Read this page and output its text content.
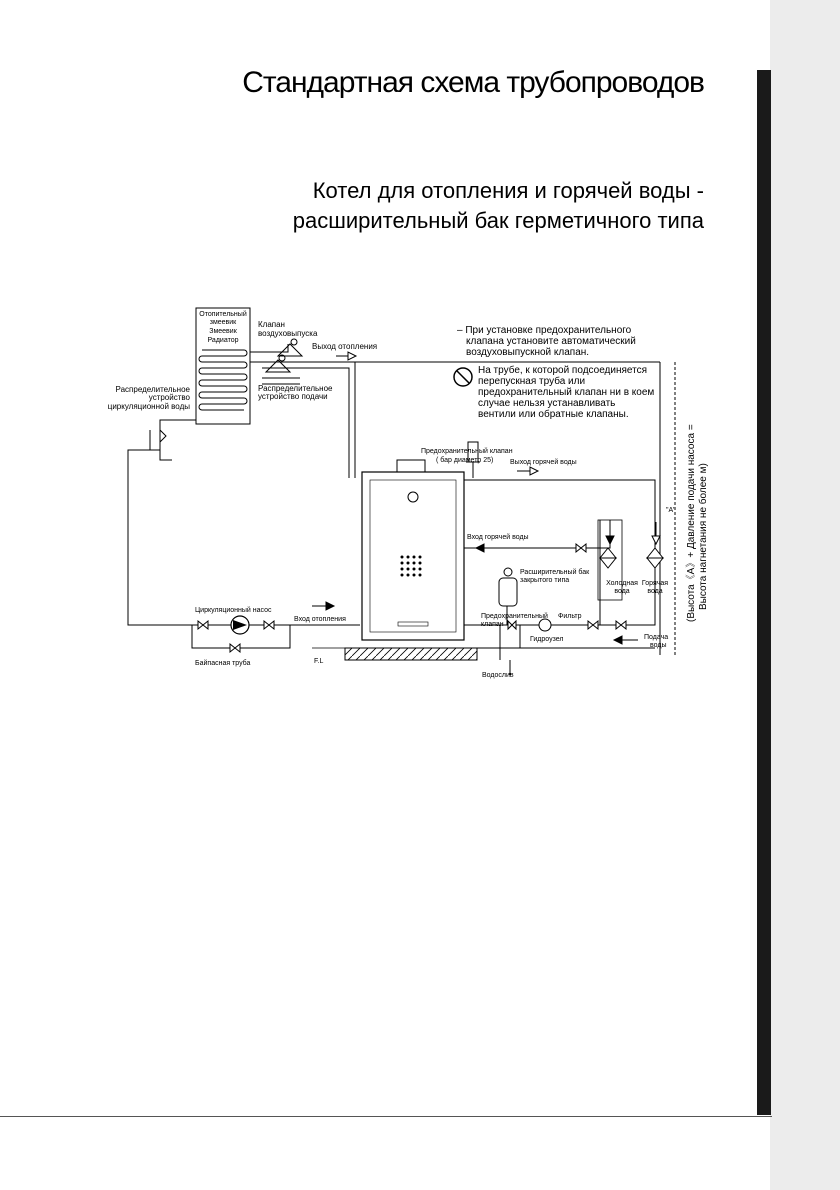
Стандартная схема трубопроводов
Котел для отопления и горячей воды -
расширительный бак герметичного типа
Отопительный
змеевик
Змеевик
Радиатор
Клапан
воздуховыпуска
Выход отопления
Распределительное
устройство подачи
Распределительное
устройство
циркуляционной воды
– При установке предохранительного
клапана установите автоматический
воздуховыпускной клапан.
На трубе, к которой подсоединяется
перепускная труба или
предохранительный клапан ни в коем
случае нельзя устанавливать
вентили или обратные клапаны.
Предохранительный клапан
( бар диаметр 25) Выход горячей воды
Вход горячей воды
Расширительный бак
закрытого типа	Холодная
вода
Горячая
вода
Циркуляционный насос
Вход отопления	Предохранительный
клапан
Фильтр
Гидроузел	Подача
воды
Байпасная труба
Водослив
F.L
"A" (Высота《A》+ Давление подачи насоса = Высота нагнетания не более м)
